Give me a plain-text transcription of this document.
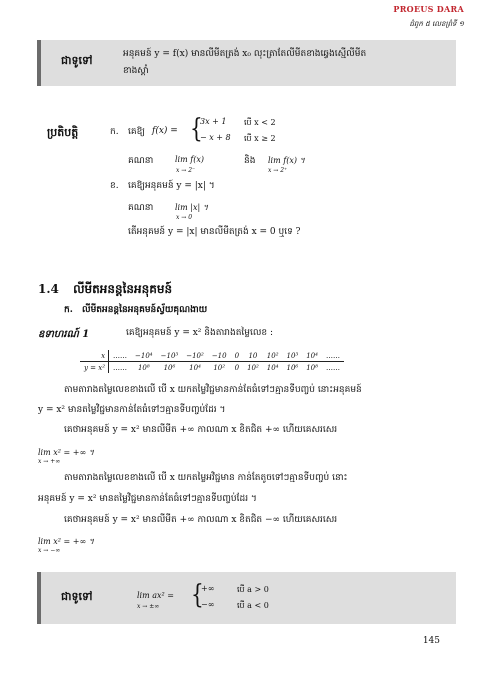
PROEUS DARA
ជំពូក ៥ លេខព្រំទី ១
ជាទូទៅ	អនុគមន៍ y = f(x) មានលីមីតត្រង់ x₀ លុះត្រាតែលីមីតខាងឆ្វេងស្មើលីមីត
ខាងស្ដាំ
ប្រតិបត្តិ	ក. គេឱ្យ f(x) = {
3x + 1 បើ x < 2
− x + 8 បើ x ≥ 2
គណនា	lim f(x)
x → 2⁻
និង lim f(x) ។
x → 2⁺
ខ. គេឱ្យអនុគមន៍ y = |x| ។
គណនា	lim |x| ។
x → 0
តើអនុគមន៍ y = |x| មានលីមីតត្រង់ x = 0 ឬទេ ?
1.4 លីមីតអនន្ដនៃអនុគមន៍
ក. លីមីតអនន្ដនៃអនុគមន៍ស្វ័យគុណងាយ
ឧទាហរណ៍ 1	គេឱ្យអនុគមន៍ y = x² និងតារាងតម្លៃលេខ :
x	……	−10⁴	−10³	−10²	−10	0	10	10²	10³	10⁴	……
y = x²	……	10⁸	10⁶	10⁴	10²	0	10²	10⁴	10⁶	10⁸	……
តាមតារាងតម្លៃលេខខាងលើ បើ x យកតម្លៃវិជ្ជមានកាន់តែធំទៅៗគ្មានទីបញ្ចប់ នោះអនុគមន៍
y = x² មានតម្លៃវិជ្ជមានកាន់តែធំទៅៗគ្មានទីបញ្ចប់ដែរ ។
គេថាអនុគមន៍ y = x² មានលីមីត +∞ កាលណា x ខិតជិត +∞ ហើយគេសរសេរ
lim x² = +∞ ។
x → +∞
តាមតារាងតម្លៃលេខខាងលើ បើ x យកតម្លៃអវិជ្ជមាន កាន់តែតូចទៅៗគ្មានទីបញ្ចប់ នោះ
អនុគមន៍ y = x² មានតម្លៃវិជ្ជមានកាន់តែធំទៅៗគ្មានទីបញ្ចប់ដែរ ។
គេថាអនុគមន៍ y = x² មានលីមីត +∞ កាលណា x ខិតជិត −∞ ហើយគេសរសេរ
lim x² = +∞ ។
x → −∞
ជាទូទៅ	lim ax² =
x → ±∞ {
+∞	បើ a > 0
−∞	បើ a < 0
145
